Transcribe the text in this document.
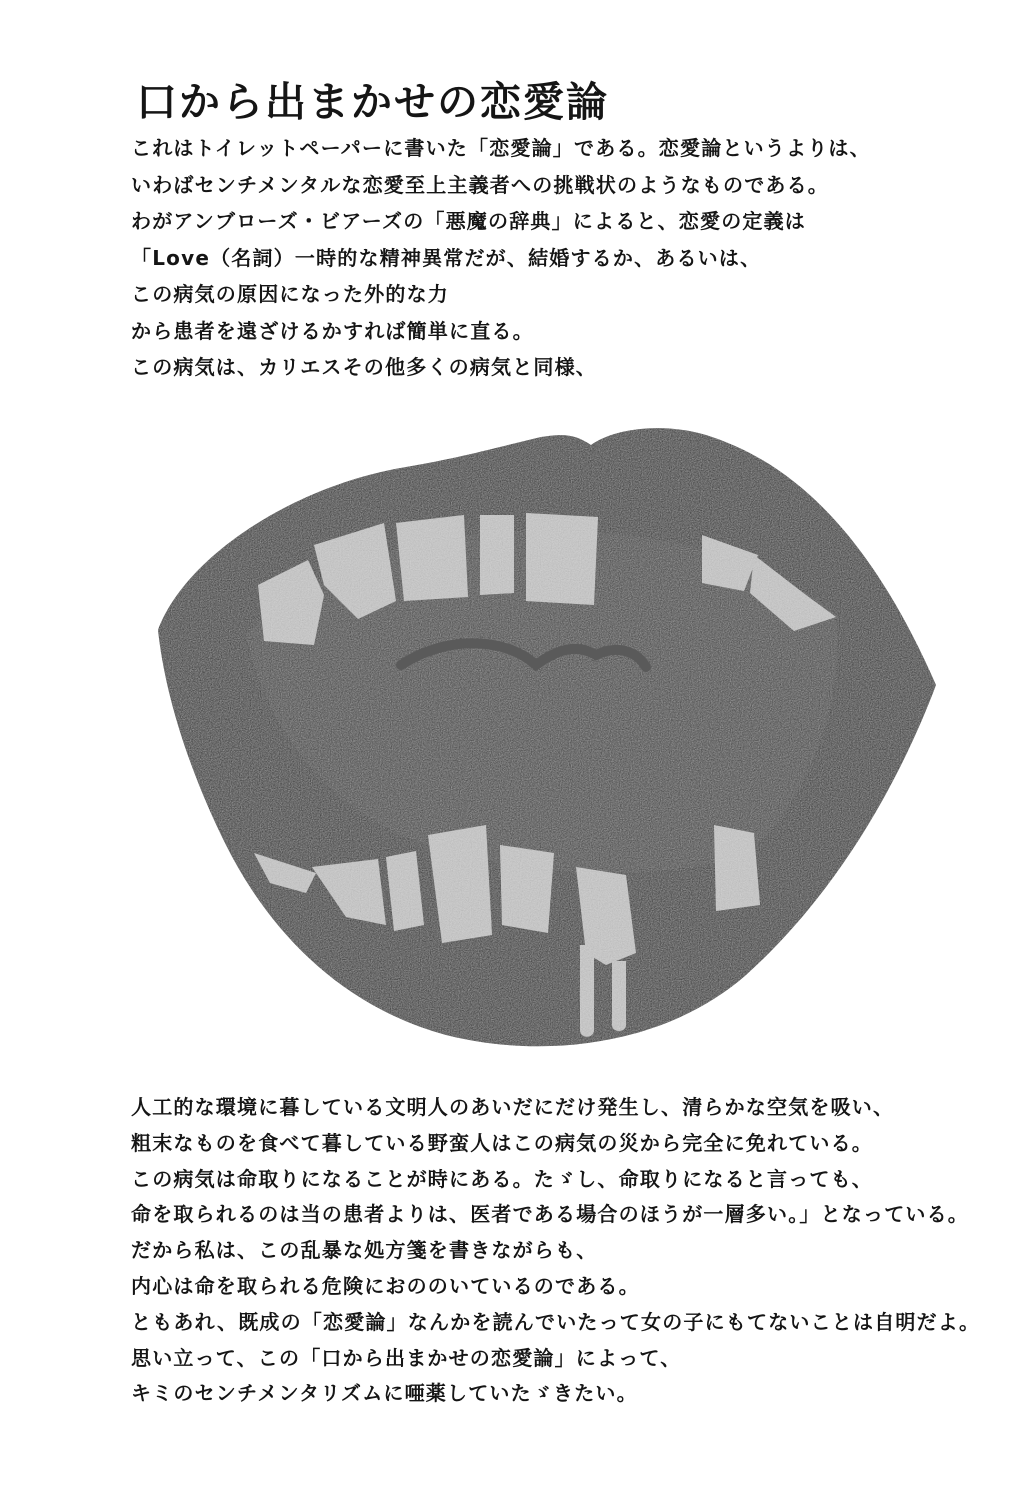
口から出まかせの恋愛論
これはトイレットペーパーに書いた「恋愛論」である。恋愛論というよりは、
いわばセンチメンタルな恋愛至上主義者への挑戦状のようなものである。
わがアンブローズ・ビアーズの「悪魔の辞典」によると、恋愛の定義は
「Love（名詞）一時的な精神異常だが、結婚するか、あるいは、
この病気の原因になった外的な力
から患者を遠ざけるかすれば簡単に直る。
この病気は、カリエスその他多くの病気と同様、
人工的な環境に暮している文明人のあいだにだけ発生し、清らかな空気を吸い、
粗末なものを食べて暮している野蛮人はこの病気の災から完全に免れている。
この病気は命取りになることが時にある。たゞし、命取りになると言っても、
命を取られるのは当の患者よりは、医者である場合のほうが一層多い。」となっている。
だから私は、この乱暴な処方箋を書きながらも、
内心は命を取られる危険におののいているのである。
ともあれ、既成の「恋愛論」なんかを読んでいたって女の子にもてないことは自明だよ。
思い立って、この「口から出まかせの恋愛論」によって、
キミのセンチメンタリズムに唖薬していたゞきたい。
